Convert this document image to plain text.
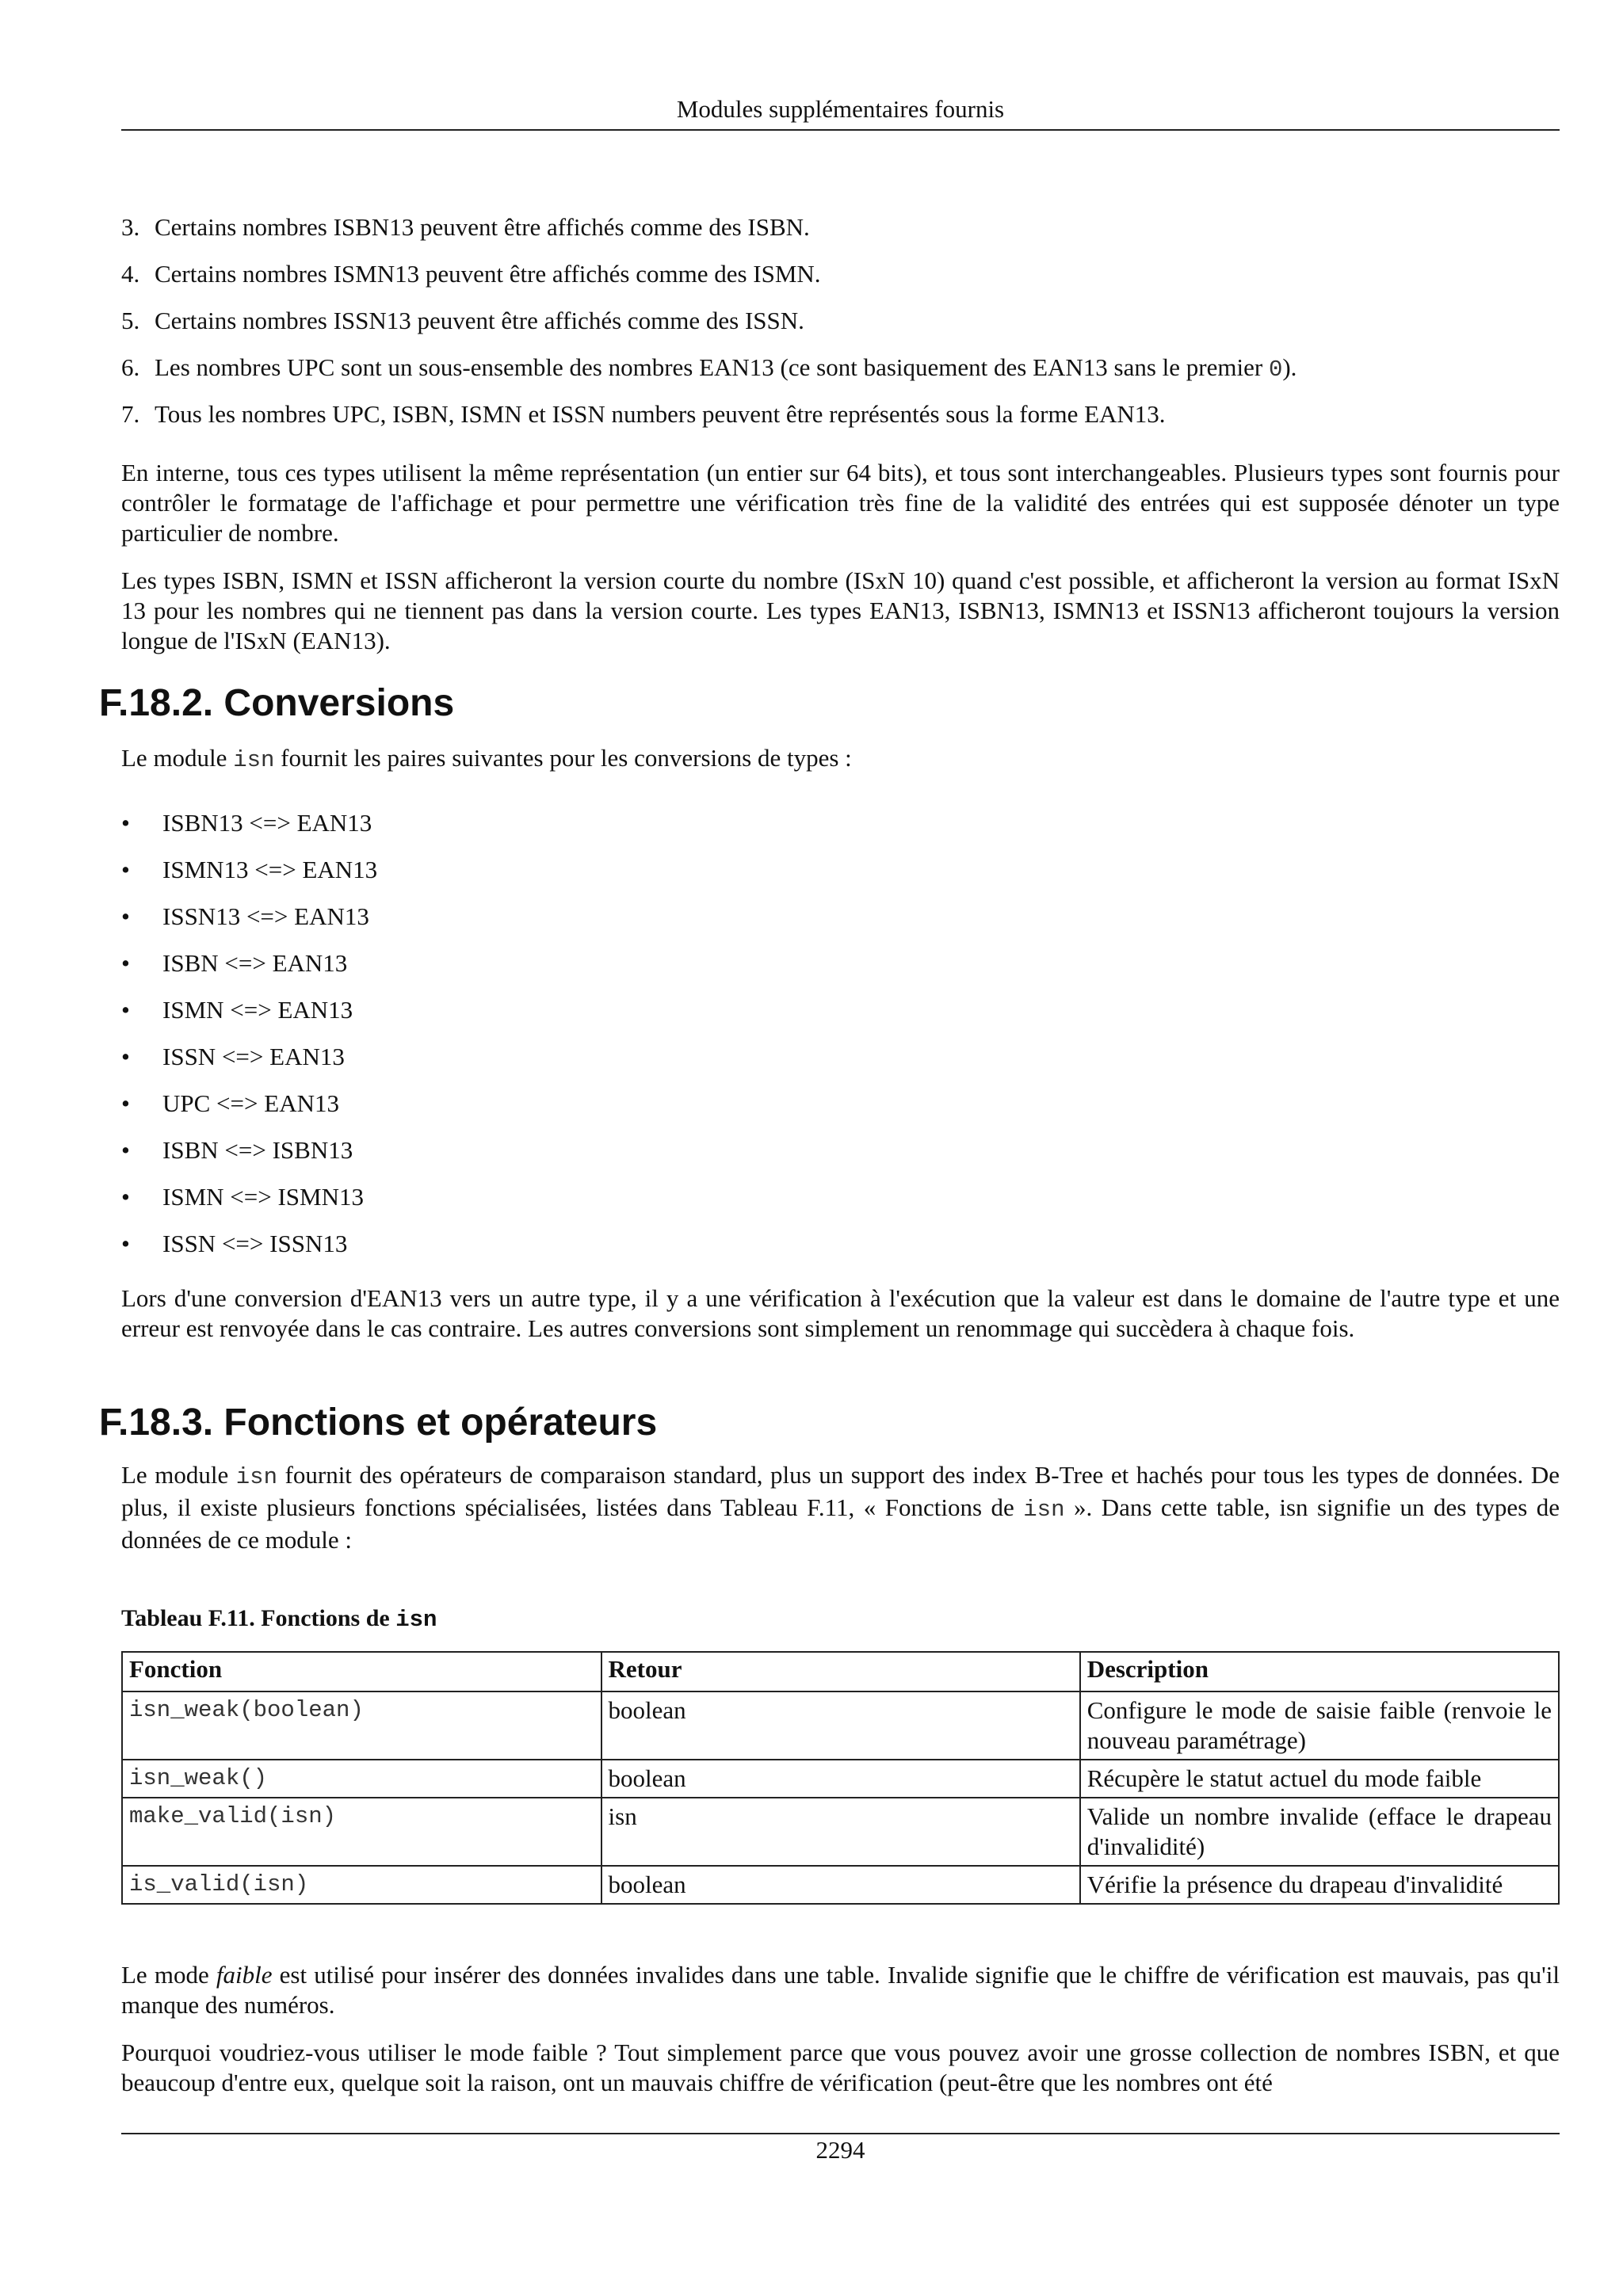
Modules supplémentaires fournis
3. Certains nombres ISBN13 peuvent être affichés comme des ISBN.
4. Certains nombres ISMN13 peuvent être affichés comme des ISMN.
5. Certains nombres ISSN13 peuvent être affichés comme des ISSN.
6. Les nombres UPC sont un sous-ensemble des nombres EAN13 (ce sont basiquement des EAN13 sans le premier 0).
7. Tous les nombres UPC, ISBN, ISMN et ISSN numbers peuvent être représentés sous la forme EAN13.

En interne, tous ces types utilisent la même représentation (un entier sur 64 bits), et tous sont interchangeables. Plusieurs types sont fournis pour contrôler le formatage de l'affichage et pour permettre une vérification très fine de la validité des entrées qui est supposée dénoter un type particulier de nombre.

Les types ISBN, ISMN et ISSN afficheront la version courte du nombre (ISxN 10) quand c'est possible, et afficheront la version au format ISxN 13 pour les nombres qui ne tiennent pas dans la version courte. Les types EAN13, ISBN13, ISMN13 et ISSN13 afficheront toujours la version longue de l'ISxN (EAN13).

F.18.2. Conversions

Le module isn fournit les paires suivantes pour les conversions de types :

• ISBN13 <=> EAN13
• ISMN13 <=> EAN13
• ISSN13 <=> EAN13
• ISBN <=> EAN13
• ISMN <=> EAN13
• ISSN <=> EAN13
• UPC <=> EAN13
• ISBN <=> ISBN13
• ISMN <=> ISMN13
• ISSN <=> ISSN13

Lors d'une conversion d'EAN13 vers un autre type, il y a une vérification à l'exécution que la valeur est dans le domaine de l'autre type et une erreur est renvoyée dans le cas contraire. Les autres conversions sont simplement un renommage qui succèdera à chaque fois.

F.18.3. Fonctions et opérateurs

Le module isn fournit des opérateurs de comparaison standard, plus un support des index B-Tree et hachés pour tous les types de données. De plus, il existe plusieurs fonctions spécialisées, listées dans Tableau F.11, « Fonctions de isn ». Dans cette table, isn signifie un des types de données de ce module :

Tableau F.11. Fonctions de isn

Fonction	Retour	Description
isn_weak(boolean)	boolean	Configure le mode de saisie faible (renvoie le nouveau paramétrage)
isn_weak()	boolean	Récupère le statut actuel du mode faible
make_valid(isn)	isn	Valide un nombre invalide (efface le drapeau d'invalidité)
is_valid(isn)	boolean	Vérifie la présence du drapeau d'invalidité

Le mode faible est utilisé pour insérer des données invalides dans une table. Invalide signifie que le chiffre de vérification est mauvais, pas qu'il manque des numéros.

Pourquoi voudriez-vous utiliser le mode faible ? Tout simplement parce que vous pouvez avoir une grosse collection de nombres ISBN, et que beaucoup d'entre eux, quelque soit la raison, ont un mauvais chiffre de vérification (peut-être que les nombres ont été

2294
